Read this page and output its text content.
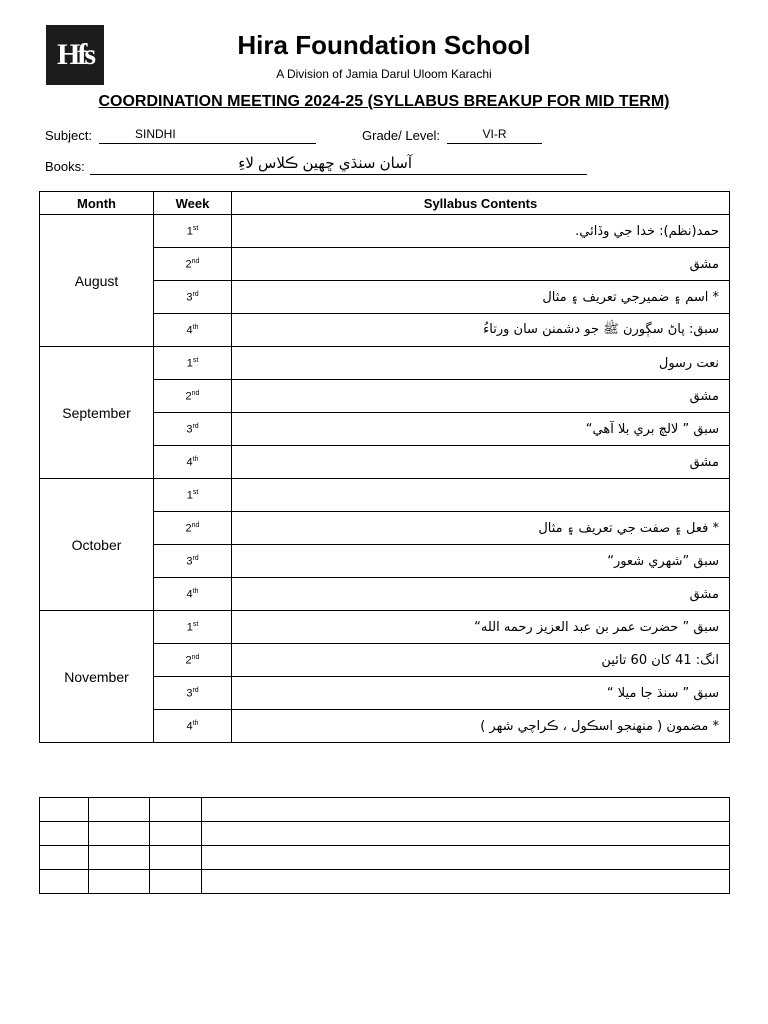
Hfs	Hira Foundation School
A Division of Jamia Darul Uloom Karachi
COORDINATION MEETING 2024-25 (SYLLABUS BREAKUP FOR MID TERM)
Subject:	SINDHI	Grade/ Level:	VI-R
Books:	آسان سنڌي ڇهين ڪلاس لاءِ
Month	Week	Syllabus Contents
August	1st	حمد(نظم): خدا جي وڏائي.
	2nd	مشق
	3rd	* اسم ۽ ضميرجي تعريف ۽ مثال
	4th	سبق: پاڻ سڳورن ﷺ جو دشمنن سان ورتاءُ
September	1st	نعت رسول
	2nd	مشق
	3rd	سبق ” لالچ بري بلا آهي“
	4th	مشق
October	1st	
	2nd	* فعل ۽ صفت جي تعريف ۽ مثال
	3rd	سبق ”شهري شعور“
	4th	مشق
November	1st	سبق ” حضرت عمر بن عبد العزيز رحمه الله“
	2nd	انگ: 41 کان 60 تائين
	3rd	سبق ” سنڌ جا ميلا “
	4th	* مضمون ( منهنجو اسڪول ، ڪراچي شهر )
